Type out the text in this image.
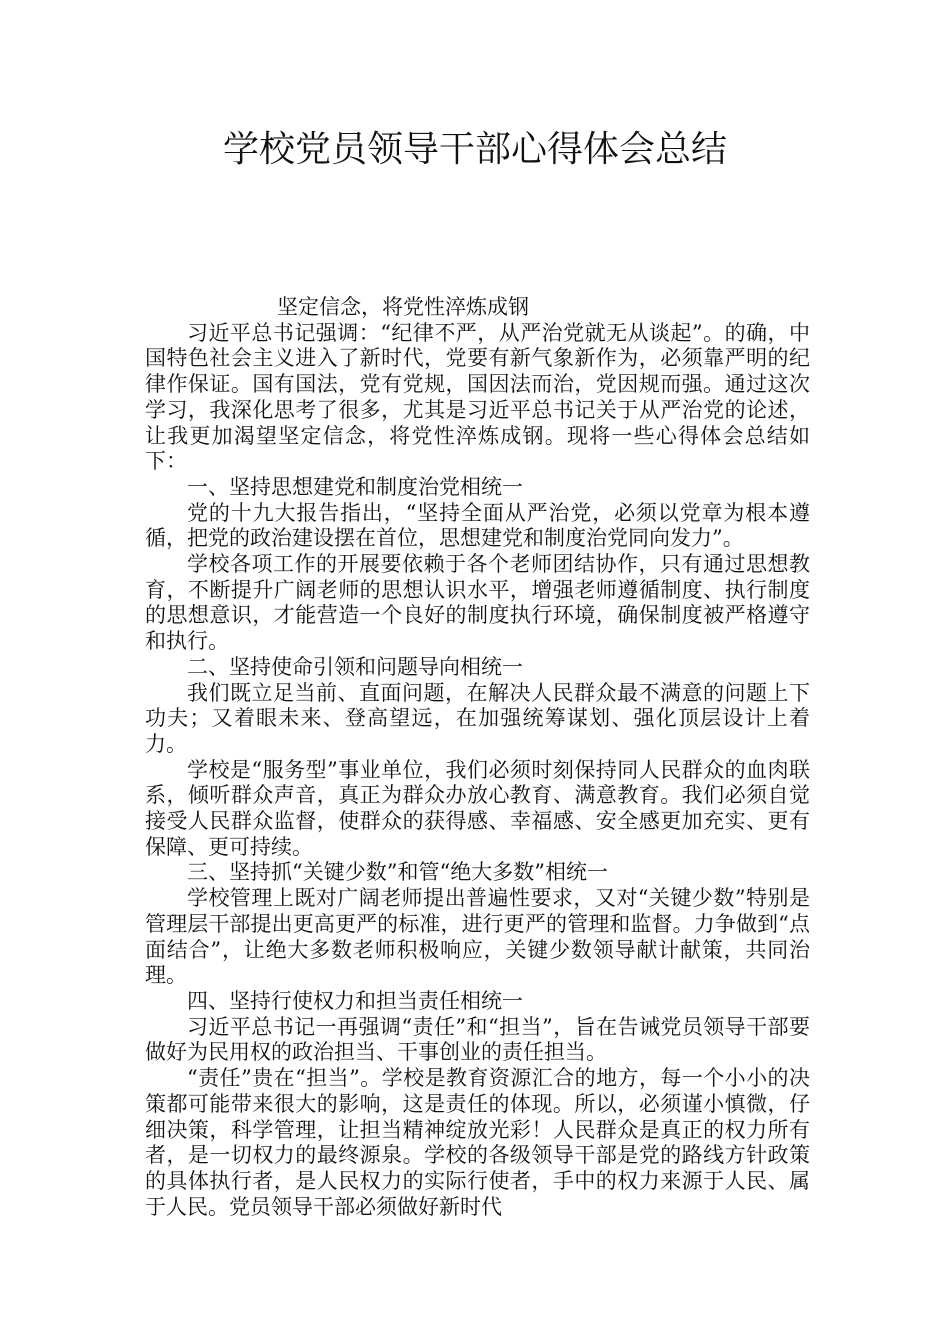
学校党员领导干部心得体会总结

坚定信念，将党性淬炼成钢

习近平总书记强调：“纪律不严，从严治党就无从谈起”。的确，中国特色社会主义进入了新时代，党要有新气象新作为，必须靠严明的纪律作保证。国有国法，党有党规，国因法而治，党因规而强。通过这次学习，我深化思考了很多，尤其是习近平总书记关于从严治党的论述，让我更加渴望坚定信念，将党性淬炼成钢。现将一些心得体会总结如下：

一、坚持思想建党和制度治党相统一

党的十九大报告指出，“坚持全面从严治党，必须以党章为根本遵循，把党的政治建设摆在首位，思想建党和制度治党同向发力”。

学校各项工作的开展要依赖于各个老师团结协作，只有通过思想教育，不断提升广阔老师的思想认识水平，增强老师遵循制度、执行制度的思想意识，才能营造一个良好的制度执行环境，确保制度被严格遵守和执行。

二、坚持使命引领和问题导向相统一

我们既立足当前、直面问题，在解决人民群众最不满意的问题上下功夫；又着眼未来、登高望远，在加强统筹谋划、强化顶层设计上着力。

学校是“服务型”事业单位，我们必须时刻保持同人民群众的血肉联系，倾听群众声音，真正为群众办放心教育、满意教育。我们必须自觉接受人民群众监督，使群众的获得感、幸福感、安全感更加充实、更有保障、更可持续。

三、坚持抓“关键少数”和管“绝大多数”相统一

学校管理上既对广阔老师提出普遍性要求，又对“关键少数”特别是管理层干部提出更高更严的标准，进行更严的管理和监督。力争做到“点面结合”，让绝大多数老师积极响应，关键少数领导献计献策，共同治理。

四、坚持行使权力和担当责任相统一

习近平总书记一再强调“责任”和“担当”，旨在告诫党员领导干部要做好为民用权的政治担当、干事创业的责任担当。

“责任”贵在“担当”。学校是教育资源汇合的地方，每一个小小的决策都可能带来很大的影响，这是责任的体现。所以，必须谨小慎微，仔细决策，科学管理，让担当精神绽放光彩！人民群众是真正的权力所有者，是一切权力的最终源泉。学校的各级领导干部是党的路线方针政策的具体执行者，是人民权力的实际行使者，手中的权力来源于人民、属于人民。党员领导干部必须做好新时代
